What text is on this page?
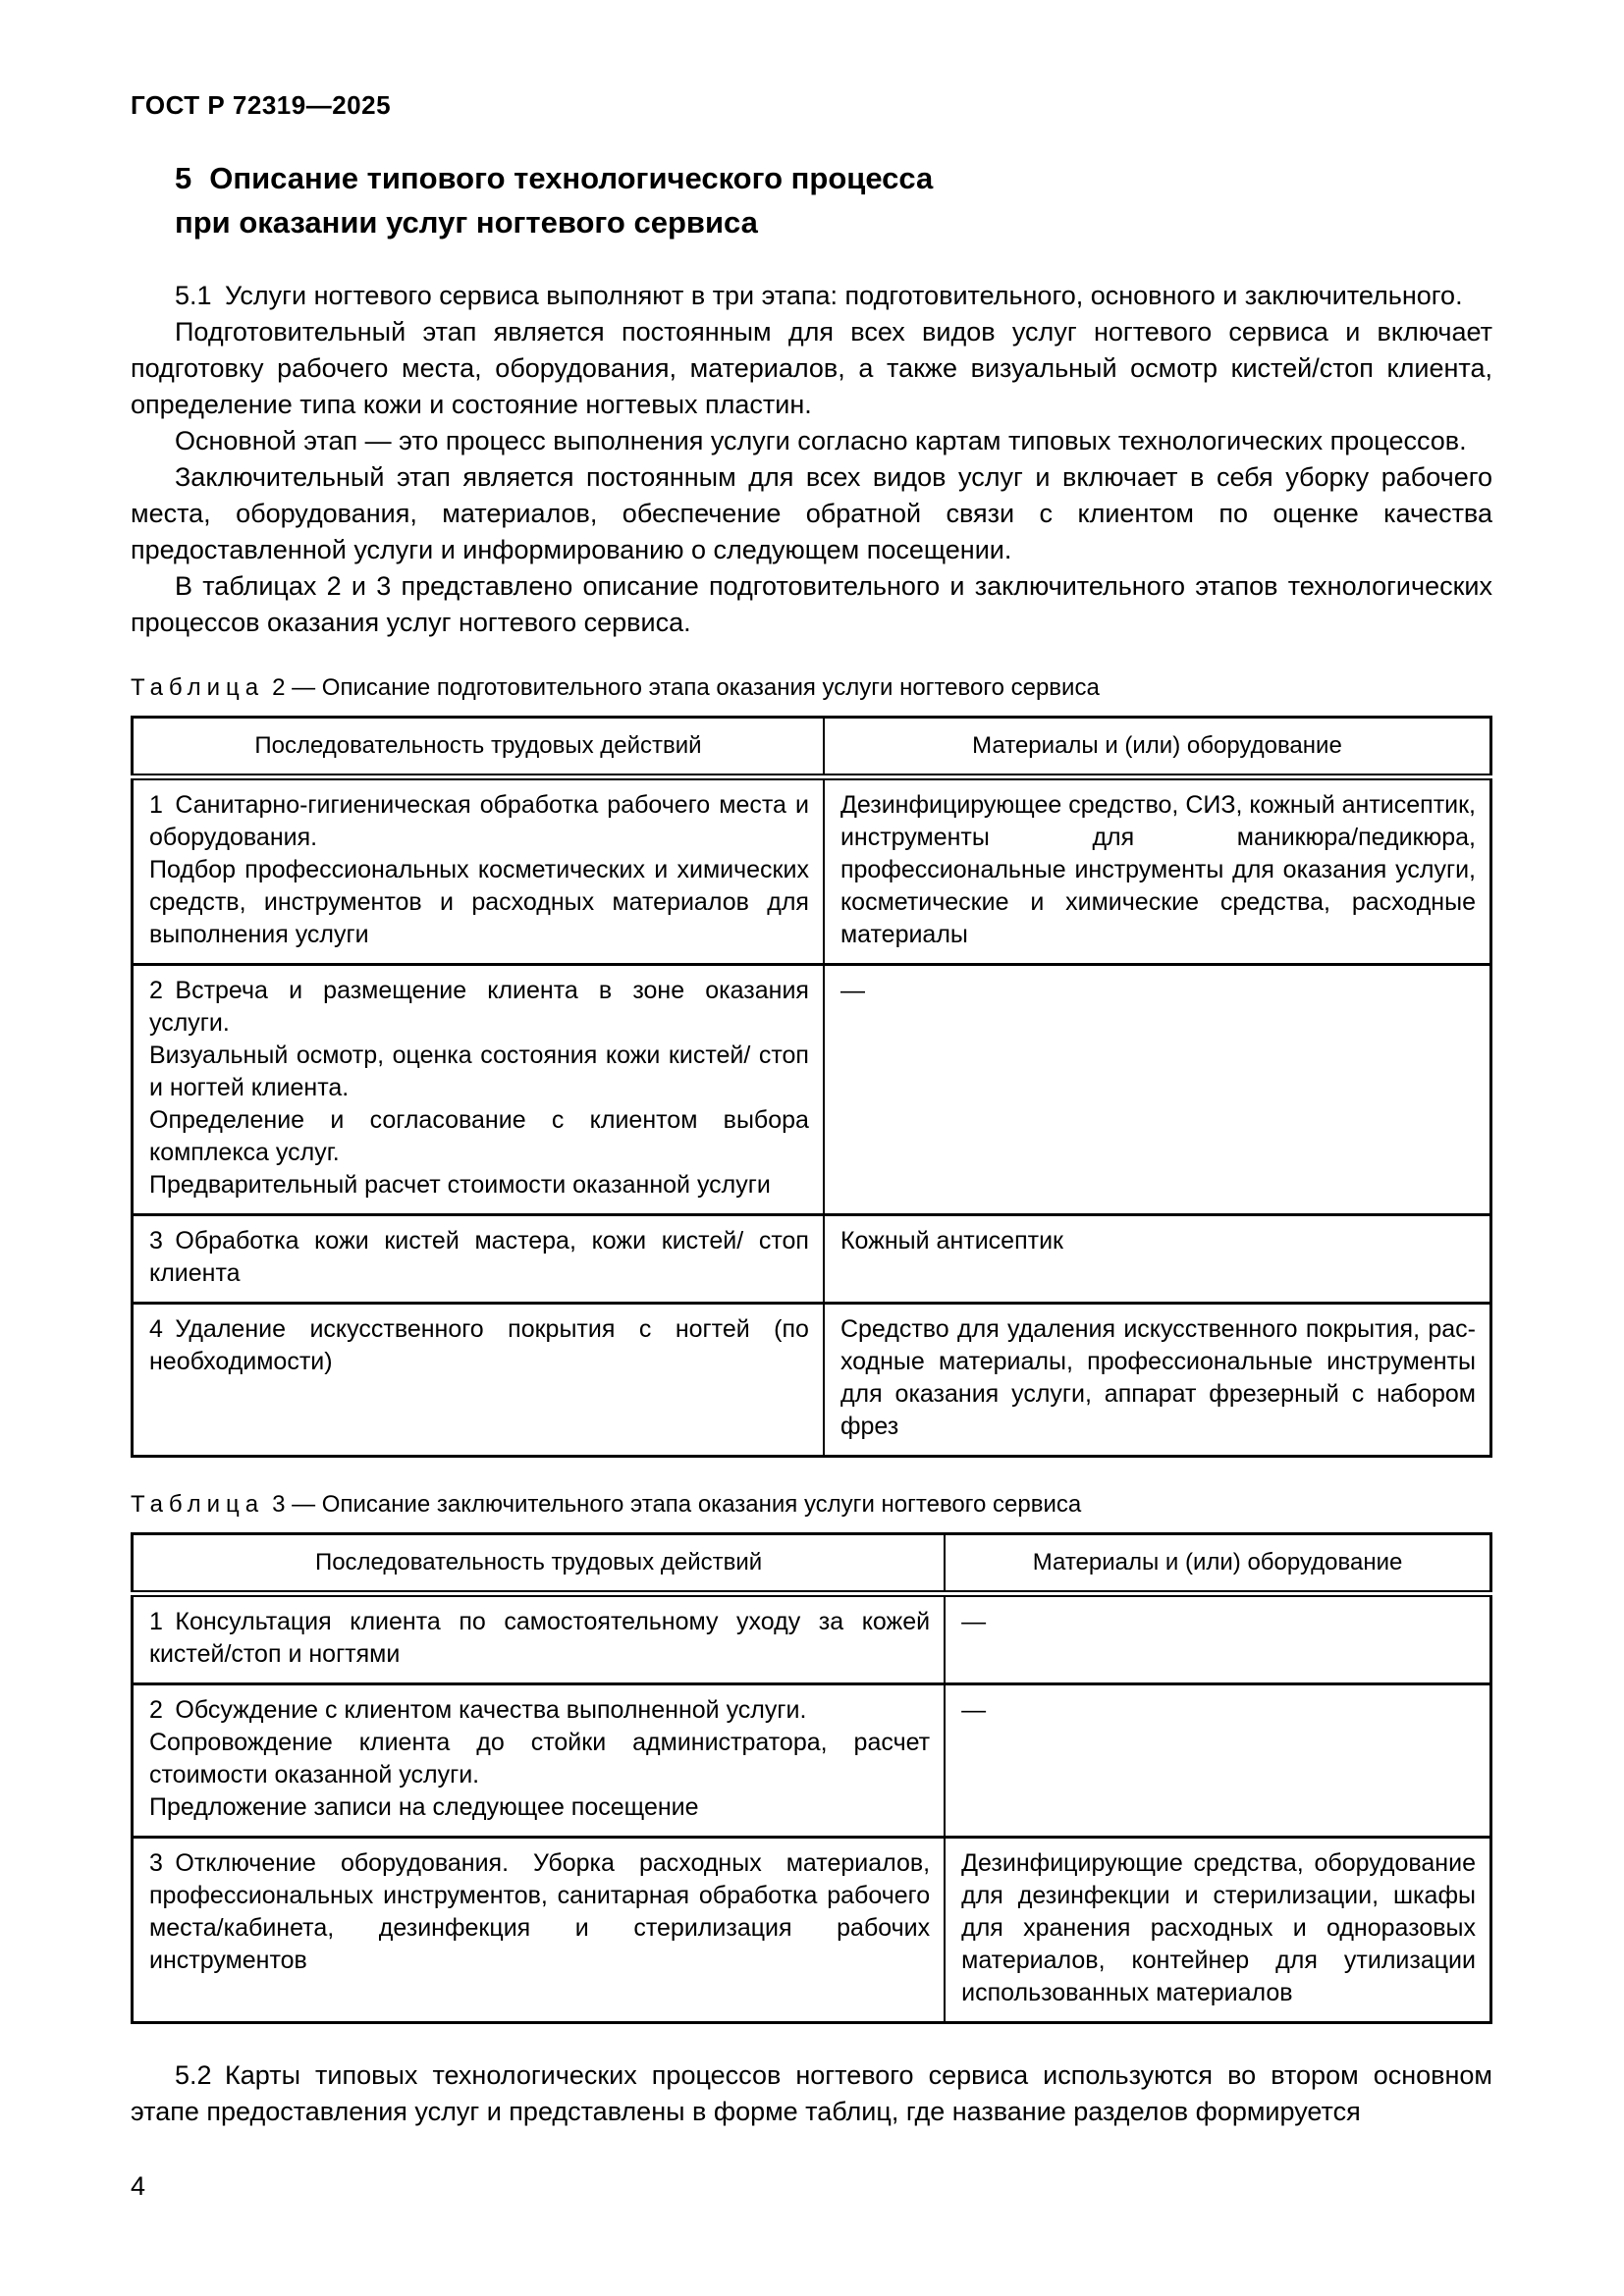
ГОСТ Р 72319—2025
5 Описание типового технологического процесса
при оказании услуг ногтевого сервиса

5.1 Услуги ногтевого сервиса выполняют в три этапа: подготовительного, основного и заключительного.

Подготовительный этап является постоянным для всех видов услуг ногтевого сервиса и включает подготовку рабочего места, оборудования, материалов, а также визуальный осмотр кистей/стоп клиента, определение типа кожи и состояние ногтевых пластин.

Основной этап — это процесс выполнения услуги согласно картам типовых технологических процессов.

Заключительный этап является постоянным для всех видов услуг и включает в себя уборку рабочего места, оборудования, материалов, обеспечение обратной связи с клиентом по оценке качества предоставленной услуги и информированию о следующем посещении.

В таблицах 2 и 3 представлено описание подготовительного и заключительного этапов технологических процессов оказания услуг ногтевого сервиса.

Таблица 2 — Описание подготовительного этапа оказания услуги ногтевого сервиса
Последовательность трудовых действий	Материалы и (или) оборудование

1 Санитарно-гигиеническая обработка рабочего места и оборудования.
Подбор профессиональных косметических и химических средств, инструментов и расходных материалов для выполнения услуги	Дезинфицирующее средство, СИЗ, кожный антисептик, инструменты для маникюра/педикюра, профессиональные инструменты для оказания услуги, косметические и химические средства, расходные материалы

2 Встреча и размещение клиента в зоне оказания услуги.
Визуальный осмотр, оценка состояния кожи кистей/ стоп и ногтей клиента.
Определение и согласование с клиентом выбора комплекса услуг.
Предварительный расчет стоимости оказанной услуги	—

3 Обработка кожи кистей мастера, кожи кистей/ стоп клиента	Кожный антисептик

4 Удаление искусственного покрытия с ногтей (по необходимости)	Средство для удаления искусственного покрытия, расходные материалы, профессиональные инструменты для оказания услуги, аппарат фрезерный с набором фрез
Таблица 3 — Описание заключительного этапа оказания услуги ногтевого сервиса
Последовательность трудовых действий	Материалы и (или) оборудование

1 Консультация клиента по самостоятельному уходу за кожей кистей/стоп и ногтями	—

2 Обсуждение с клиентом качества выполненной услуги.
Сопровождение клиента до стойки администратора, расчет стоимости оказанной услуги.
Предложение записи на следующее посещение	—

3 Отключение оборудования. Уборка расходных материалов, профессиональных инструментов, санитарная обработка рабочего места/кабинета, дезинфекция и стерилизация рабочих инструментов	Дезинфицирующие средства, оборудование для дезинфекции и стерилизации, шкафы для хранения расходных и одноразовых материалов, контейнер для утилизации использованных материалов

5.2 Карты типовых технологических процессов ногтевого сервиса используются во втором основном этапе предоставления услуг и представлены в форме таблиц, где название разделов формируется

4
